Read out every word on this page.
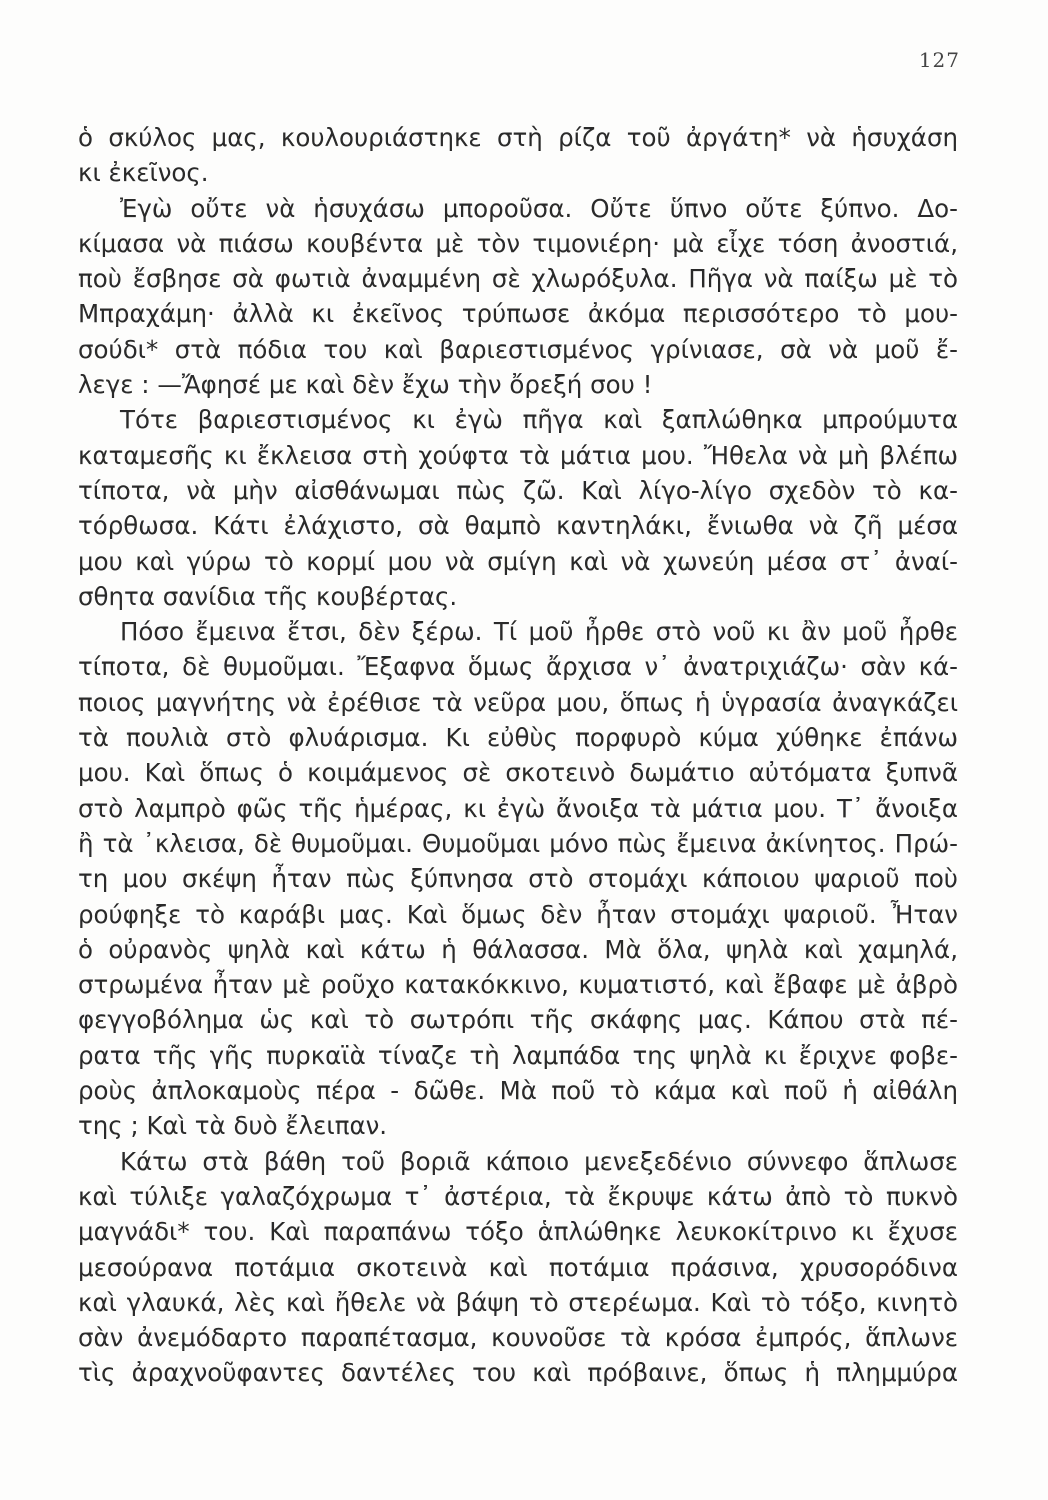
127
ὁ σκύλος μας, κουλουριάστηκε στὴ ρίζα τοῦ ἀργάτη* νὰ ἡσυχάση
κι ἐκεῖνος.
Ἐγὼ οὔτε νὰ ἡσυχάσω μποροῦσα. Οὔτε ὕπνο οὔτε ξύπνο. Δο-
κίμασα νὰ πιάσω κουβέντα μὲ τὸν τιμονιέρη· μὰ εἶχε τόση ἀνοστιά,
ποὺ ἔσβησε σὰ φωτιὰ ἀναμμένη σὲ χλωρόξυλα. Πῆγα νὰ παίξω μὲ τὸ
Μπραχάμη· ἀλλὰ κι ἐκεῖνος τρύπωσε ἀκόμα περισσότερο τὸ μου-
σούδι* στὰ πόδια του καὶ βαριεστισμένος γρίνιασε, σὰ νὰ μοῦ ἔ-
λεγε : —Ἄφησέ με καὶ δὲν ἔχω τὴν ὄρεξή σου !
Τότε βαριεστισμένος κι ἐγὼ πῆγα καὶ ξαπλώθηκα μπρούμυτα
καταμεσῆς κι ἔκλεισα στὴ χούφτα τὰ μάτια μου. Ἤθελα νὰ μὴ βλέπω
τίποτα, νὰ μὴν αἰσθάνωμαι πὼς ζῶ. Καὶ λίγο-λίγο σχεδὸν τὸ κα-
τόρθωσα. Κάτι ἐλάχιστο, σὰ θαμπὸ καντηλάκι, ἔνιωθα νὰ ζῆ μέσα
μου καὶ γύρω τὸ κορμί μου νὰ σμίγη καὶ νὰ χωνεύη μέσα στ᾿ ἀναί-
σθητα σανίδια τῆς κουβέρτας.
Πόσο ἔμεινα ἔτσι, δὲν ξέρω. Τί μοῦ ἦρθε στὸ νοῦ κι ἂν μοῦ ἦρθε
τίποτα, δὲ θυμοῦμαι. Ἔξαφνα ὅμως ἄρχισα ν᾿ ἀνατριχιάζω· σὰν κά-
ποιος μαγνήτης νὰ ἐρέθισε τὰ νεῦρα μου, ὅπως ἡ ὑγρασία ἀναγκάζει
τὰ πουλιὰ στὸ φλυάρισμα. Κι εὐθὺς πορφυρὸ κύμα χύθηκε ἐπάνω
μου. Καὶ ὅπως ὁ κοιμάμενος σὲ σκοτεινὸ δωμάτιο αὐτόματα ξυπνᾶ
στὸ λαμπρὸ φῶς τῆς ἡμέρας, κι ἐγὼ ἄνοιξα τὰ μάτια μου. Τ᾿ ἄνοιξα
ἢ τὰ ᾿κλεισα, δὲ θυμοῦμαι. Θυμοῦμαι μόνο πὼς ἔμεινα ἀκίνητος. Πρώ-
τη μου σκέψη ἦταν πὼς ξύπνησα στὸ στομάχι κάποιου ψαριοῦ ποὺ
ρούφηξε τὸ καράβι μας. Καὶ ὅμως δὲν ἦταν στομάχι ψαριοῦ. Ἦταν
ὁ οὐρανὸς ψηλὰ καὶ κάτω ἡ θάλασσα. Μὰ ὅλα, ψηλὰ καὶ χαμηλά,
στρωμένα ἦταν μὲ ροῦχο κατακόκκινο, κυματιστό, καὶ ἔβαφε μὲ ἀβρὸ
φεγγοβόλημα ὡς καὶ τὸ σωτρόπι τῆς σκάφης μας. Κάπου στὰ πέ-
ρατα τῆς γῆς πυρκαϊὰ τίναζε τὴ λαμπάδα της ψηλὰ κι ἔριχνε φοβε-
ροὺς ἀπλοκαμοὺς πέρα - δῶθε. Μὰ ποῦ τὸ κάμα καὶ ποῦ ἡ αἰθάλη
της ; Καὶ τὰ δυὸ ἔλειπαν.
Κάτω στὰ βάθη τοῦ βοριᾶ κάποιο μενεξεδένιο σύννεφο ἅπλωσε
καὶ τύλιξε γαλαζόχρωμα τ᾿ ἀστέρια, τὰ ἔκρυψε κάτω ἀπὸ τὸ πυκνὸ
μαγνάδι* του. Καὶ παραπάνω τόξο ἁπλώθηκε λευκοκίτρινο κι ἔχυσε
μεσούρανα ποτάμια σκοτεινὰ καὶ ποτάμια πράσινα, χρυσορόδινα
καὶ γλαυκά, λὲς καὶ ἤθελε νὰ βάψη τὸ στερέωμα. Καὶ τὸ τόξο, κινητὸ
σὰν ἀνεμόδαρτο παραπέτασμα, κουνοῦσε τὰ κρόσα ἐμπρός, ἅπλωνε
τὶς ἀραχνοῦφαντες δαντέλες του καὶ πρόβαινε, ὅπως ἡ πλημμύρα
